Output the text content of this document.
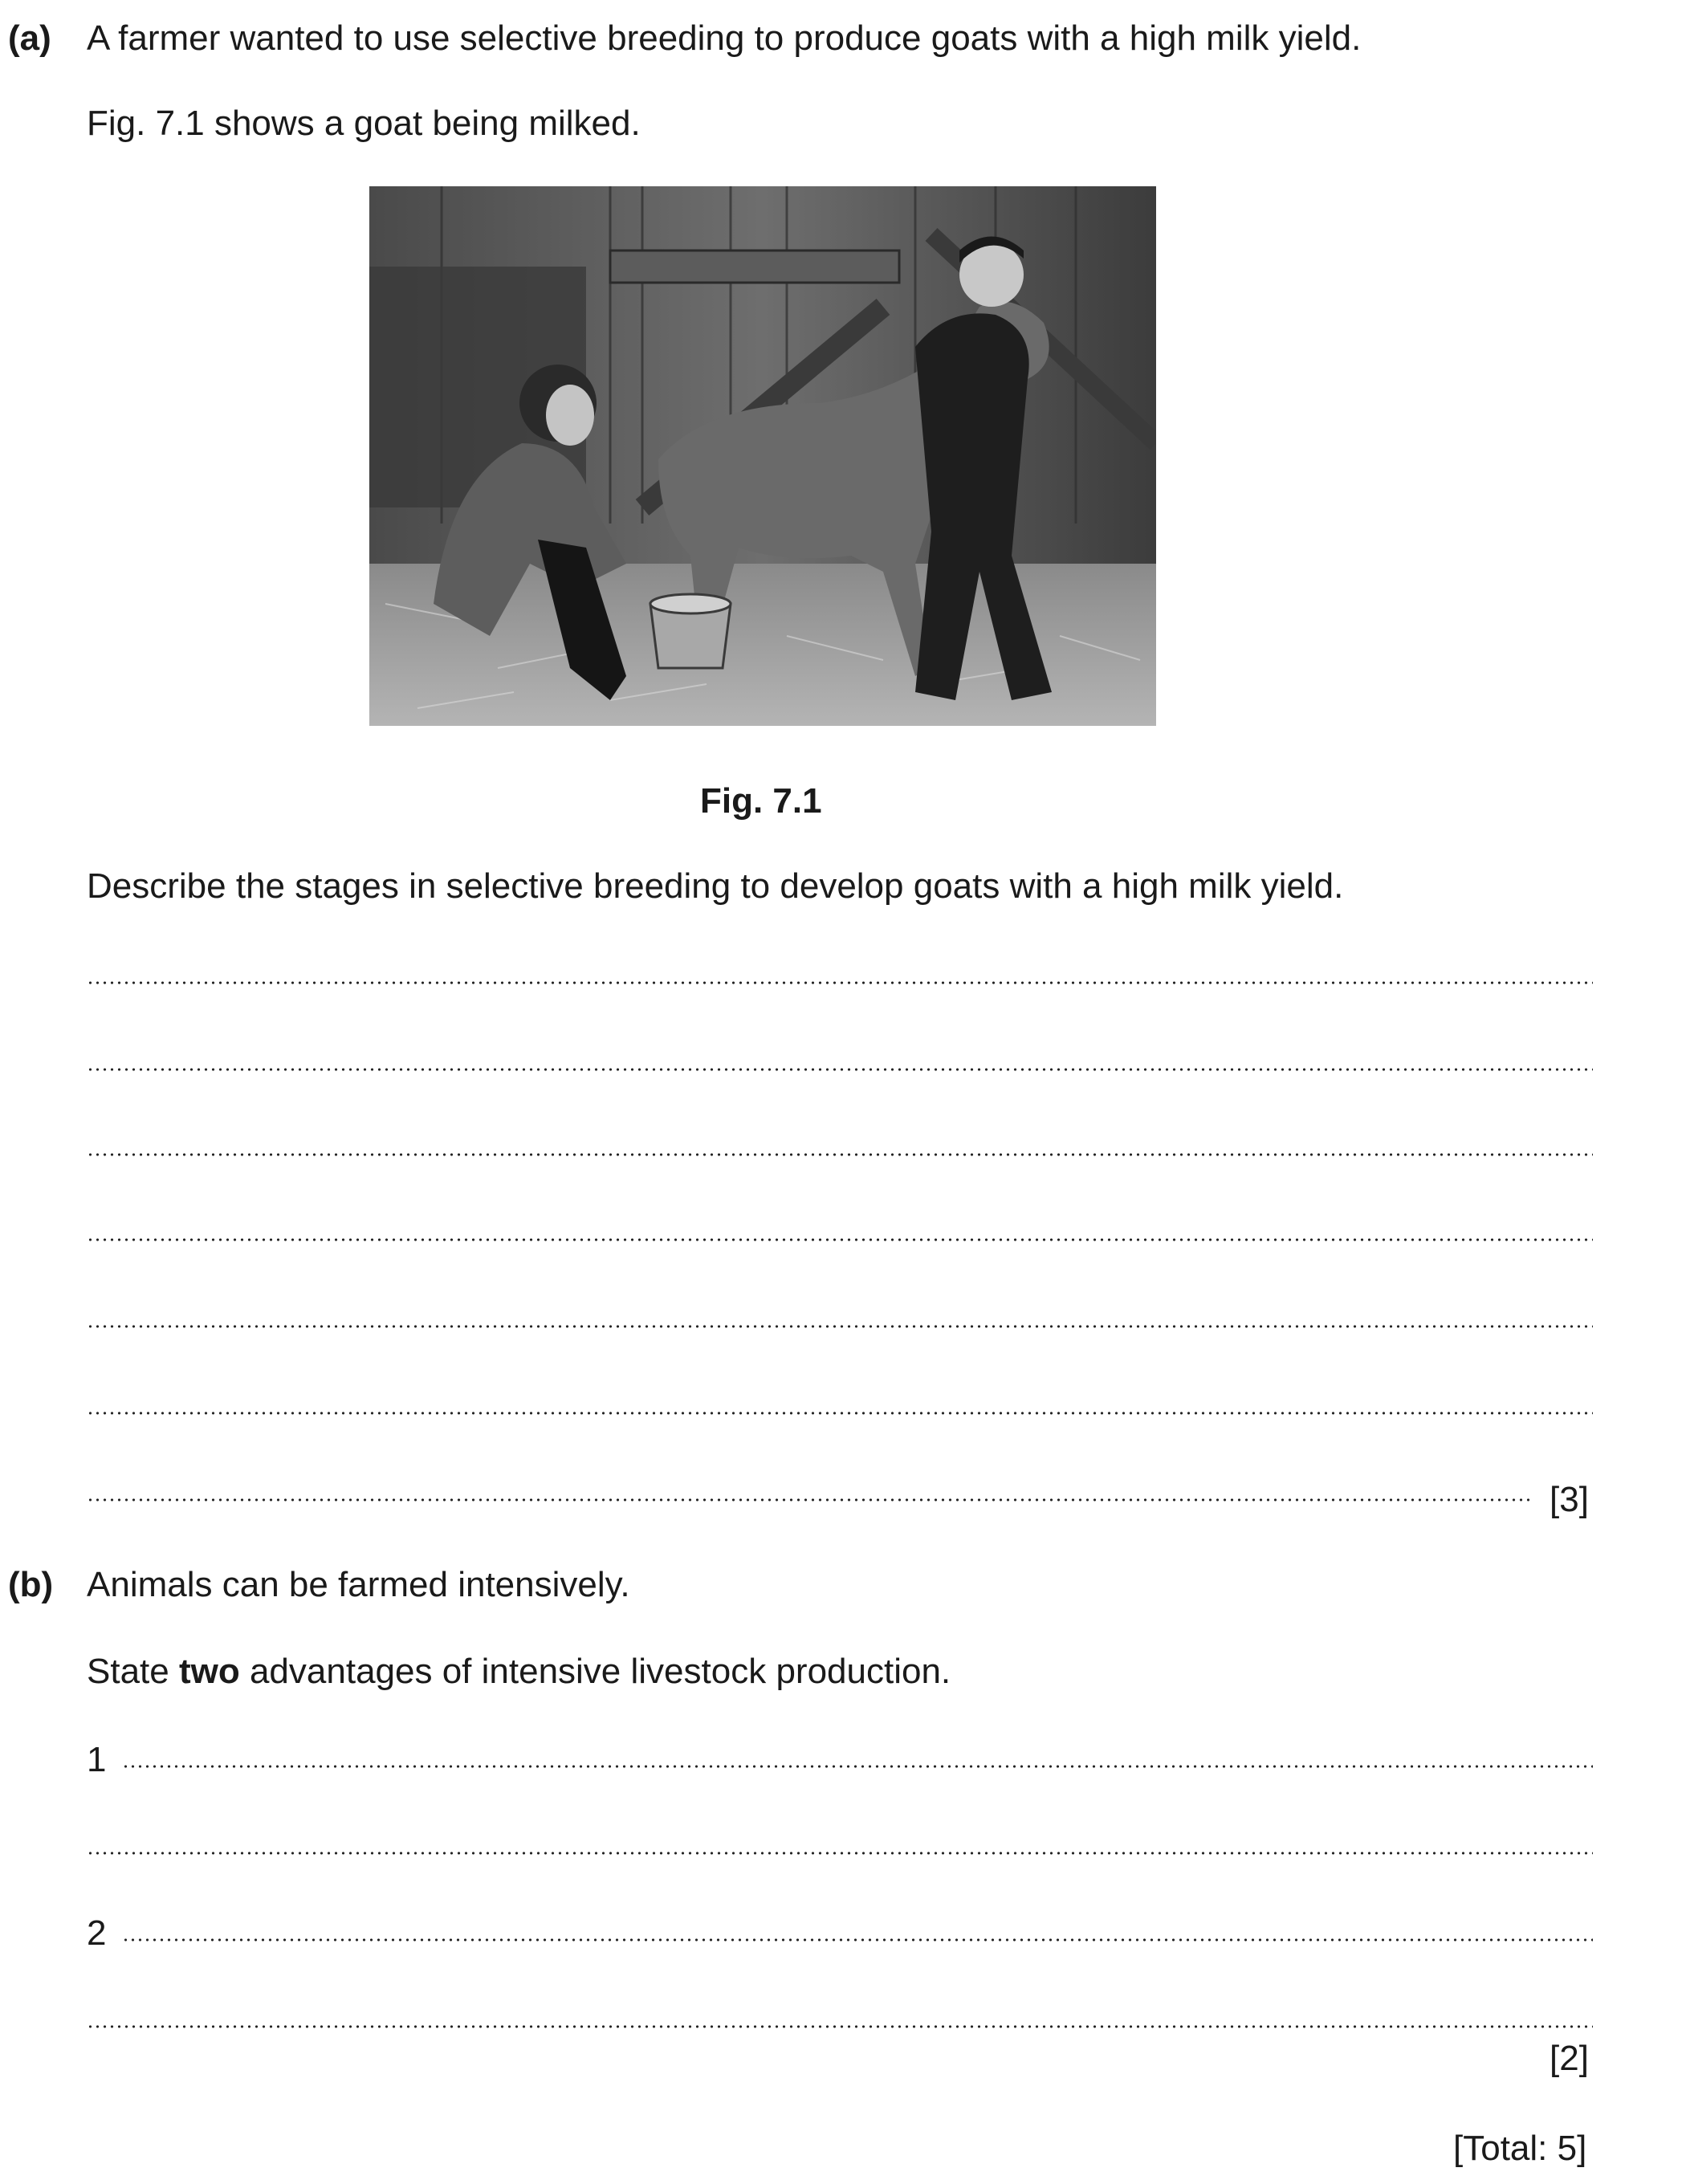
(a) A farmer wanted to use selective breeding to produce goats with a high milk yield.
Fig. 7.1 shows a goat being milked.
Fig. 7.1
Describe the stages in selective breeding to develop goats with a high milk yield.
[3]
(b) Animals can be farmed intensively.
State two advantages of intensive livestock production.
1
2
[2]
[Total: 5]
